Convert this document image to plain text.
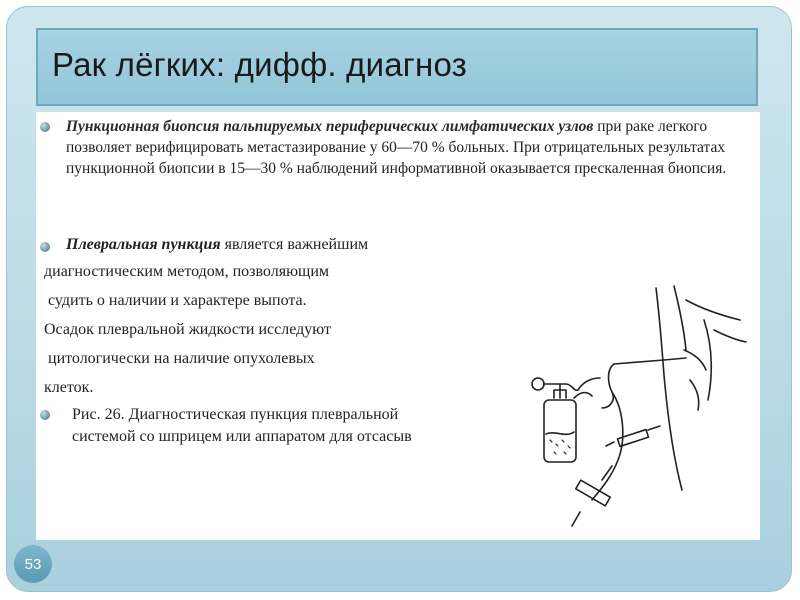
Рак лёгких: дифф. диагноз

Пункционная биопсия пальпируемых периферических лимфатических узлов при раке легкого позволяет верифицировать метастазирование у 60—70 % больных. При отрицательных результатах пункционной биопсии в 15—30 % наблюдений информативной оказывается прескаленная биопсия.

Плевральная пункция является важнейшим

диагностическим методом, позволяющим

судить о наличии и характере выпота.

Осадок плевральной жидкости исследуют

цитологически на наличие опухолевых

клеток.

Рис. 26. Диагностическая пункция плевральной
системой со шприцем или аппаратом для отсасыв

53
